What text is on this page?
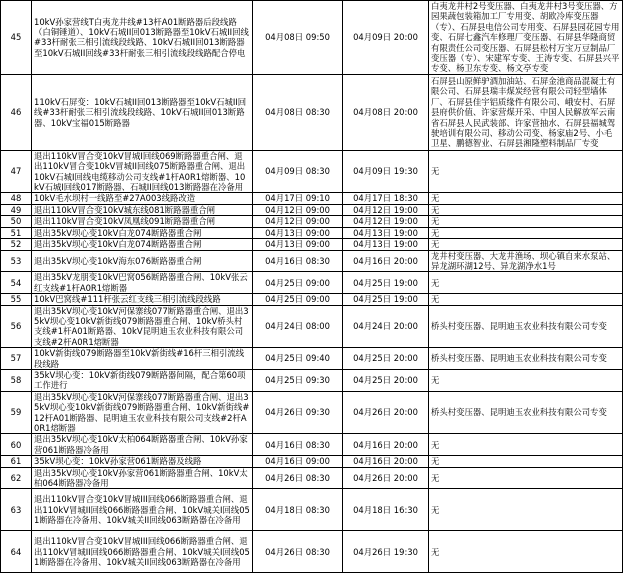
45	10kV孙家营线T白夷龙井线#13杆A01断路器后段线路（白铜锤道）、10kV石城II回013断路器至10kV石城II回线#33杆耐张三相引流线段线路、10kV石城II回013断路器至10kV石城II回线#33杆耐张三相引流线段线路配合停电	04月08日 09:50	04月09日 20:00	白夷龙井村2号变压器、白夷龙井村3号变压器、方园果蔬包装箱加工厂专用变、胡欧冷库变压器（专）、石屏县电信公司专用变、石屏县园花园专用变、石屏七鑫汽车修理厂变压器、石屏县华隆商贸有限责任公司变压器、石屏县松村万宝万豆制品厂变压器（专）、宋建军专变、王涛专变、石屏县兴平专变、杨卫东专变、杨文亭专变
46	110kV石屏变：10kV石城II回013断路器至10kV石城II回线#33杆耐张三相引流线段线路、10kV石城II回013断路器、10kV宝福015断路器	04月08日 08:30	04月08日 20:00	石屏县山原鲜驴酒加油站、石屏金池商品混凝土有限公司、石屏县瑞丰煤炭经营有限公司轻型墙体厂、石屏县佳宇铝质缘件有限公司、峨安村、石屏县府供价值、许家营煤开采、中国人民解放军云南省石屏县人民武装部、许家营抽水、石屏县福城驾驶培训有限公司、移动公司变、杨家庙2号、小毛卫星、鹏德智业、石屏县湘隆塑料制品厂专变
47	退出110kV冒合变10kV冒城I回线069断路器重合闸、退出110kV冒合变10kV冒城II回线075断路器重合闸、退出10kV石城I回线电缆移动公司支线#1杆A0R1熔断器、10kV石城I回线017断路器、石城II回线013断路器在冷备用	04月09日 08:30	04月09日 19:30	无
48	10kV毛水坝村一线路至#27A003线路改造	04月17日 09:10	04月17日 18:30	无
49	退出110kV冒合变10kV城东线081断路器重合闸	04月12日 09:00	04月12日 19:00	无
50	退出110kV冒合变10kV凤凰线091断路器重合闸	04月12日 09:00	04月12日 19:00	无
51	退出35kV坝心变10kV白龙074断路器重合闸	04月13日 09:00	04月13日 19:00	无
52	退出35kV坝心变10kV白龙074断路器重合闸	04月13日 09:00	04月13日 19:00	无
53	退出35kV坝心变10kV海东076断路器重合闸	04月16日 08:30	04月16日 20:00	龙井村变压器、大龙井渔场、坝心镇自来水泵站、异龙湖环湖12号、异龙湖净水1号
54	退出35kV龙朋变10kV巴窝056断路器重合闸、10kV张云红支线#1杆A0R1熔断器	04月25日 09:00	04月25日 19:00	无
55	10kV巴窝线#111杆张云红支线三相引流线段线路	04月25日 09:00	04月25日 19:00	无
56	退出35kV坝心变10kV河保寨线077断路器重合闸、退出35kV坝心变10kV新街线079断路器重合闸、10kV桥头村支线#1杆A01断路器、10kV昆明迪玉农业科技有限公司支线#2杆A0R1熔断器	04月24日 08:00	04月24日 20:00	桥头村变压器、昆明迪玉农业科技有限公司专变
57	10kV新街线079断路器至10kV新街线#16杆三相引流线段线路	04月25日 09:40	04月25日 20:00	桥头村变压器、昆明迪玉农业科技有限公司专变
58	35kV坝心变：10kV新街线079断路器间隔，配合第60项工作进行	04月25日 09:30	04月25日 20:00	无
59	退出35kV坝心变10kV河保寨线077断路器重合闸、退出35kV坝心变10kV新街线079断路器重合闸、10kV新街线#12杆A01断路器、昆明迪玉农业科技有限公司支线#2杆A0R1熔断器	04月26日 09:30	04月26日 20:00	桥头村变压器、昆明迪玉农业科技有限公司专变
60	退出35kV坝心变10kV太柏064断路器重合闸、10kV孙家营061断路器冷备用	04月16日 08:30	04月16日 20:00	无
61	35kV坝心变：10kV孙家营061断路器及线路	04月16日 09:00	04月16日 20:00	无
62	退出35kV坝心变10kV孙家营061断路器重合闸、10kV太柏064断路器冷备用	04月26日 08:30	04月26日 20:00	无
63	退出110kV冒合变10kV冒城III回线066断路器重合闸、退出110kV冒城II回线066断路器重合闸、10kV城关I回线051断路器在冷备用、10kV城关II回线063断路器在冷备用	04月18日 08:30	04月18日 16:30	无
64	退出110kV冒合变10kV冒城III回线066断路器重合闸、退出110kV冒城II回线066断路器重合闸、10kV城关I回线051断路器在冷备用、10kV城关II回线063断路器在冷备用	04月26日 08:30	04月26日 19:30	无
